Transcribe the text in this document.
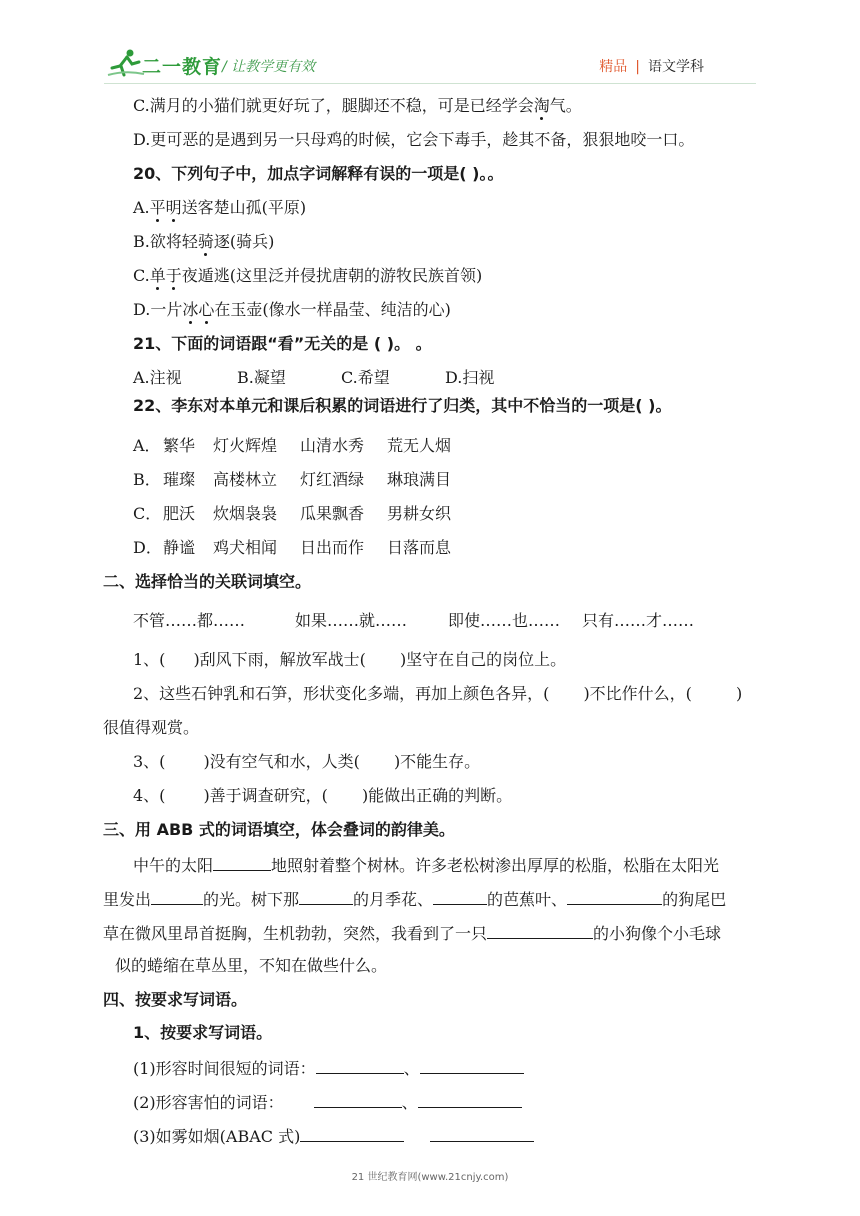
二一教育 / 让教学更有效	精品 | 语文学科
C.满月的小猫们就更好玩了，腿脚还不稳，可是已经学会淘气。
D.更可恶的是遇到另一只母鸡的时候，它会下毒手，趁其不备，狠狠地咬一口。
20、下列句子中，加点字词解释有误的一项是( )。。
A.平明送客楚山孤(平原)
B.欲将轻骑逐(骑兵)
C.单于夜遁逃(这里泛并侵扰唐朝的游牧民族首领)
D.一片冰心在玉壶(像水一样晶莹、纯洁的心)
21、下面的词语跟“看”无关的是 ( )。 。
A.注视	B.凝望	C.希望	D.扫视
22、李东对本单元和课后积累的词语进行了归类，其中不恰当的一项是( )。
A． 繁华 灯火辉煌 山清水秀 荒无人烟
B． 璀璨 高楼林立 灯红酒绿 琳琅满目
C． 肥沃 炊烟袅袅 瓜果飘香 男耕女织
D． 静谧 鸡犬相闻 日出而作 日落而息
二、选择恰当的关联词填空。
不管……都……	如果……就……	即使……也…… 只有……才……
1、( )刮风下雨，解放军战士( )坚守在自己的岗位上。
2、这些石钟乳和石笋，形状变化多端，再加上颜色各异，( )不比作什么，(	)
很值得观赏。
3、( )没有空气和水，人类( )不能生存。
4、( )善于调查研究，( )能做出正确的判断。
三、用 ABB 式的词语填空，体会叠词的韵律美。
中午的太阳	地照射着整个树林。许多老松树渗出厚厚的松脂，松脂在太阳光
里发出	的光。树下那	的月季花、	的芭蕉叶、	的狗尾巴
草在微风里昂首挺胸，生机勃勃，突然，我看到了一只	的小狗像个小毛球
似的蜷缩在草丛里，不知在做些什么。
四、按要求写词语。
1、按要求写词语。
(1)形容时间很短的词语：	、
(2)形容害怕的词语：	、
(3)如雾如烟(ABAC 式)
21 世纪教育网(www.21cnjy.com)
